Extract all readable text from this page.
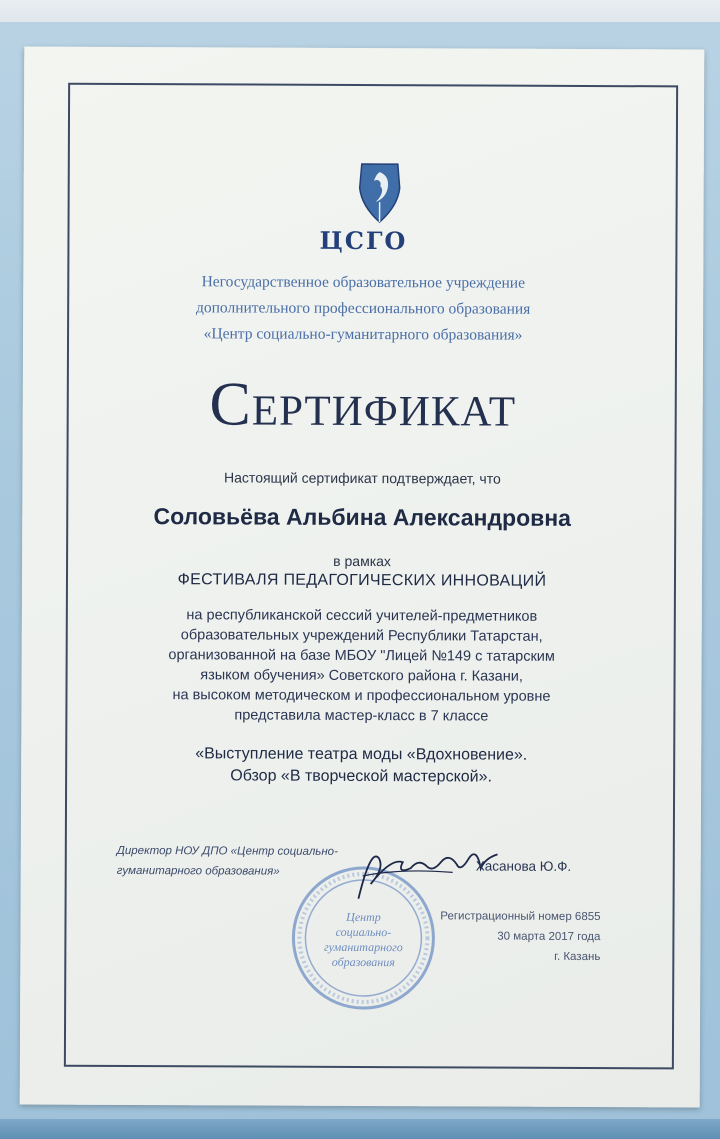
ЦСГО
Негосударственное образовательное учреждение
дополнительного профессионального образования
«Центр социально-гуманитарного образования»
Сертификат
Настоящий сертификат подтверждает, что
Соловьёва Альбина Александровна
в рамках
ФЕСТИВАЛЯ ПЕДАГОГИЧЕСКИХ ИННОВАЦИЙ
на республиканской сессий учителей-предметников
образовательных учреждений Республики Татарстан,
организованной на базе МБОУ "Лицей №149 с татарским
языком обучения» Советского района г. Казани,
на высоком методическом и профессиональном уровне
представила мастер-класс в 7 классе
«Выступление театра моды «Вдохновение».
Обзор «В творческой мастерской».
Директор НОУ ДПО «Центр социально-
гуманитарного образования»
Центр
социально-
гуманитарного
образования
Хасанова Ю.Ф.
Регистрационный номер 6855
30 марта 2017 года
г. Казань
